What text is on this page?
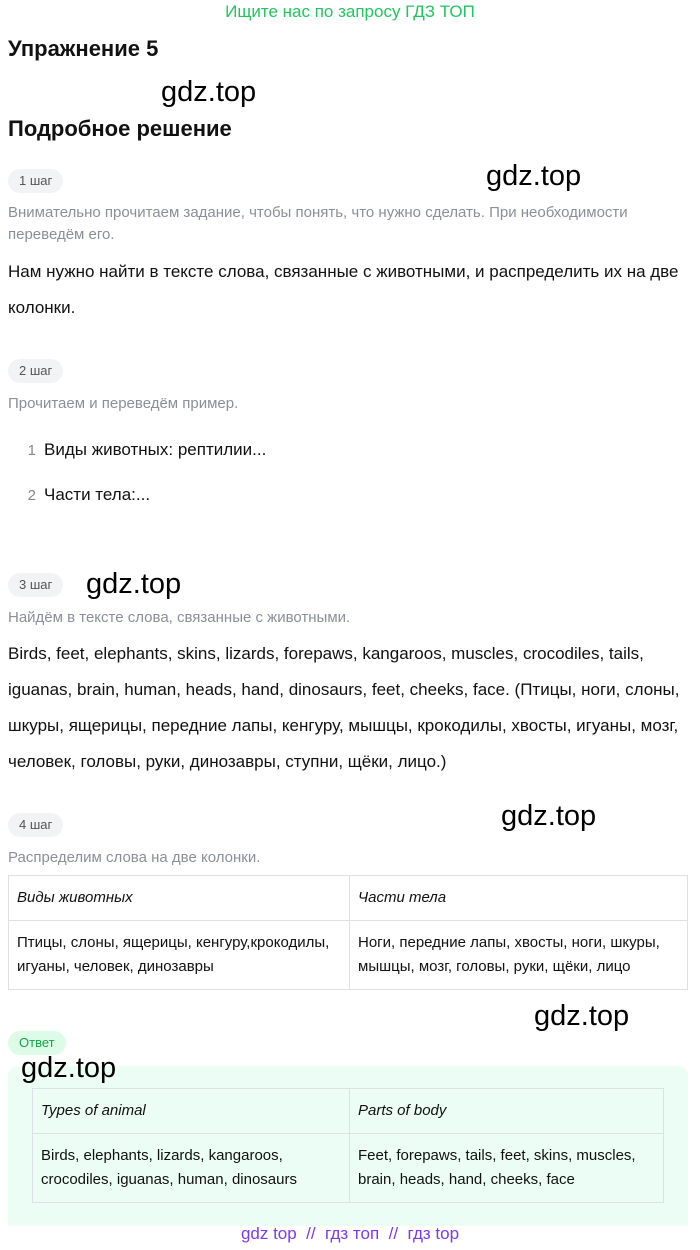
Ищите нас по запросу ГДЗ ТОП
Упражнение 5
gdz.top
Подробное решение
1 шаг	gdz.top
Внимательно прочитаем задание, чтобы понять, что нужно сделать. При необходимости переведём его.
Нам нужно найти в тексте слова, связанные с животными, и распределить их на две колонки.
2 шаг
Прочитаем и переведём пример.
1 Виды животных: рептилии...
2 Части тела:...
3 шаг	gdz.top
Найдём в тексте слова, связанные с животными.
Birds, feet, elephants, skins, lizards, forepaws, kangaroos, muscles, crocodiles, tails, iguanas, brain, human, heads, hand, dinosaurs, feet, cheeks, face. (Птицы, ноги, слоны, шкуры, ящерицы, передние лапы, кенгуру, мышцы, крокодилы, хвосты, игуаны, мозг, человек, головы, руки, динозавры, ступни, щёки, лицо.)
4 шаг	gdz.top
Распределим слова на две колонки.
Виды животных	Части тела
Птицы, слоны, ящерицы, кенгуру,крокодилы, игуаны, человек, динозавры	Ноги, передние лапы, хвосты, ноги, шкуры, мышцы, мозг, головы, руки, щёки, лицо
gdz.top
Ответ
gdz.top
Types of animal	Parts of body
Birds, elephants, lizards, kangaroos, crocodiles, iguanas, human, dinosaurs	Feet, forepaws, tails, feet, skins, muscles, brain, heads, hand, cheeks, face
gdz top  //  гдз топ  //  гдз top
